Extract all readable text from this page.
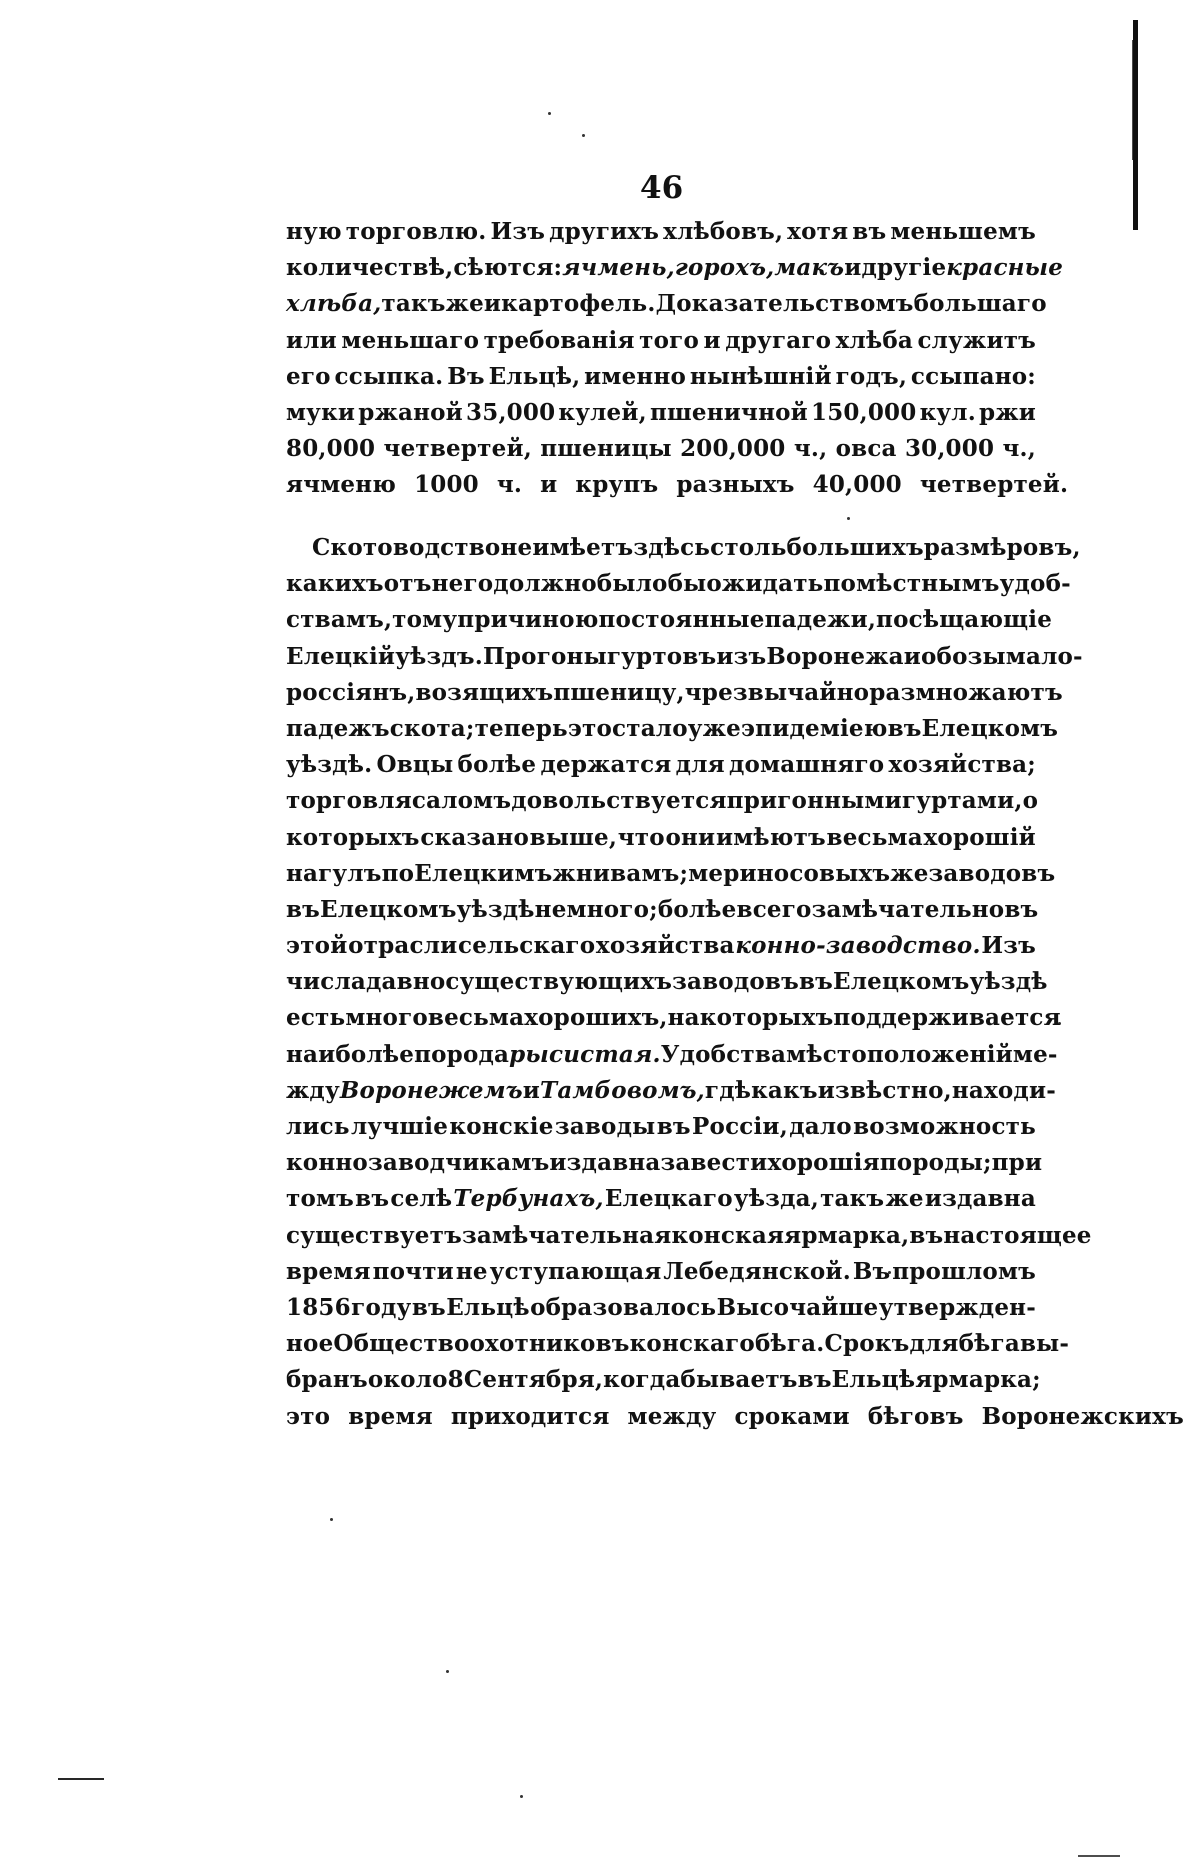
46
ную торговлю. Изъ другихъ хлѣбовъ, хотя въ меньшемъ
количествѣ, сѣются: ячмень, горохъ, макъ и другіе красные
хлѣба, такъ же и картофель. Доказательствомъ большаго
или меньшаго требованія того и другаго хлѣба служитъ
его ссыпка. Въ Ельцѣ, именно нынѣшній годъ, ссыпано:
муки ржаной 35,000 кулей, пшеничной 150,000 кул. ржи
80,000 четвертей, пшеницы 200,000 ч., овса 30,000 ч.,
ячменю 1000 ч. и крупъ разныхъ 40,000 четвертей.
Скотоводство не имѣетъ здѣсь столь большихъ размѣровъ,
какихъ отъ него должно было бы ожидать по мѣстнымъ удоб-
ствамъ, тому причиною постоянные падежи, посѣщающіе
Елецкій уѣздъ. Прогоны гуртовъ изъ Воронежа и обозы мало-
россіянъ, возящихъ пшеницу, чрезвычайно размножаютъ
падежъ скота; теперь это стало уже эпидеміею въ Елецкомъ
уѣздѣ. Овцы болѣе держатся для домашняго хозяйства;
торговля саломъ довольствуется пригонными гуртами, о
которыхъ сказано выше, что они имѣютъ весьма хорошій
нагулъ по Елецкимъ жнивамъ; мериносовыхъ же заводовъ
въ Елецкомъ уѣздѣ не много; болѣе всего замѣчательно въ
этой отрасли сельскаго хозяйства конно-заводство. Изъ
числа давно существующихъ заводовъ въ Елецкомъ уѣздѣ
есть много весьма хорошихъ, на которыхъ поддерживается
наиболѣе порода рысистая. Удобства мѣстоположеній ме-
жду Воронежемъ и Тамбовомъ, гдѣ какъ извѣстно, находи-
лись лучшіе конскіе заводы въ Россіи, дало возможность
коннозаводчикамъ издавна завести хорошія породы; при
томъ въ селѣ Тербунахъ, Елецкаго уѣзда, такъ же издавна
существуетъ замѣчательная конская ярмарка, въ настоящее
время почти не уступающая Лебедянской. Въ прошломъ
1856 году въ Ельцѣ образовалось Высочайше утвержден-
ное Общество охотниковъ конскаго бѣга. Срокъ для бѣга вы-
бранъ около 8 Сентября, когда бываетъ въ Ельцѣ ярмарка;
это время приходится между сроками бѣговъ Воронежскихъ
